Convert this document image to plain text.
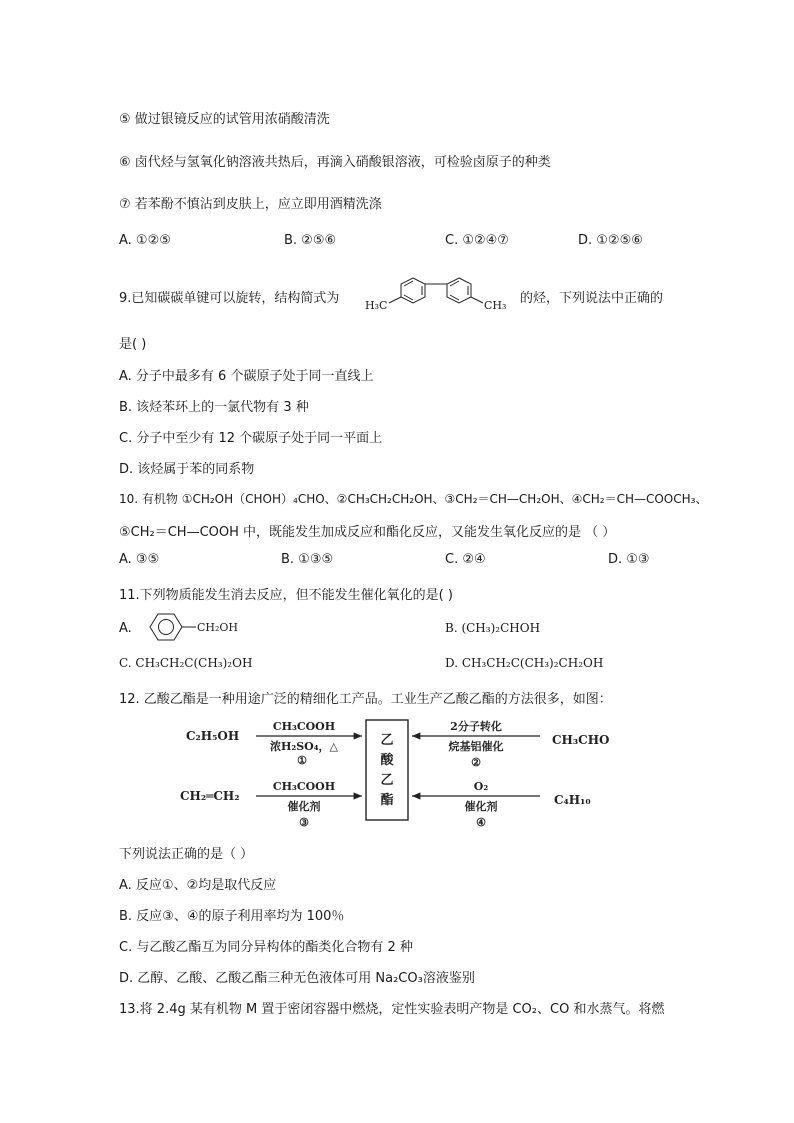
⑤ 做过银镜反应的试管用浓硝酸清洗
⑥ 卤代烃与氢氧化钠溶液共热后，再滴入硝酸银溶液，可检验卤原子的种类
⑦ 若苯酚不慎沾到皮肤上，应立即用酒精洗涤
A. ①②⑤	B. ②⑤⑥	C. ①②④⑦	D. ①②⑤⑥
9.已知碳碳单键可以旋转，结构简式为 H₃C	CH₃ 的烃，下列说法中正确的
是( )
A. 分子中最多有 6 个碳原子处于同一直线上
B. 该烃苯环上的一氯代物有 3 种
C. 分子中至少有 12 个碳原子处于同一平面上
D. 该烃属于苯的同系物
10. 有机物 ①CH₂OH（CHOH）₄CHO、②CH₃CH₂CH₂OH、③CH₂＝CH—CH₂OH、④CH₂＝CH—COOCH₃、
⑤CH₂＝CH—COOH 中，既能发生加成反应和酯化反应，又能发生氧化反应的是 （ ）
A. ③⑤	B. ①③⑤	C. ②④	D. ①③
11.下列物质能发生消去反应，但不能发生催化氧化的是( )
A.	CH₂OH	B. (CH₃)₂CHOH
C. CH₃CH₂C(CH₃)₂OH	D. CH₃CH₂C(CH₃)₂CH₂OH
12. 乙酸乙酯是一种用途广泛的精细化工产品。工业生产乙酸乙酯的方法很多，如图：
乙
酸
乙
酯
C₂H₅OH	CH₃CHO
CH₂═CH₂	C₄H₁₀
CH₃COOH
浓H₂SO₄，△
①
2分子转化
烷基铝催化
②
CH₃COOH
催化剂
③
O₂
催化剂
④
下列说法正确的是（ ）
A. 反应①、②均是取代反应
B. 反应③、④的原子利用率均为 100％
C. 与乙酸乙酯互为同分异构体的酯类化合物有 2 种
D. 乙醇、乙酸、乙酸乙酯三种无色液体可用 Na₂CO₃溶液鉴别
13.将 2.4g 某有机物 M 置于密闭容器中燃烧，定性实验表明产物是 CO₂、CO 和水蒸气。将燃
